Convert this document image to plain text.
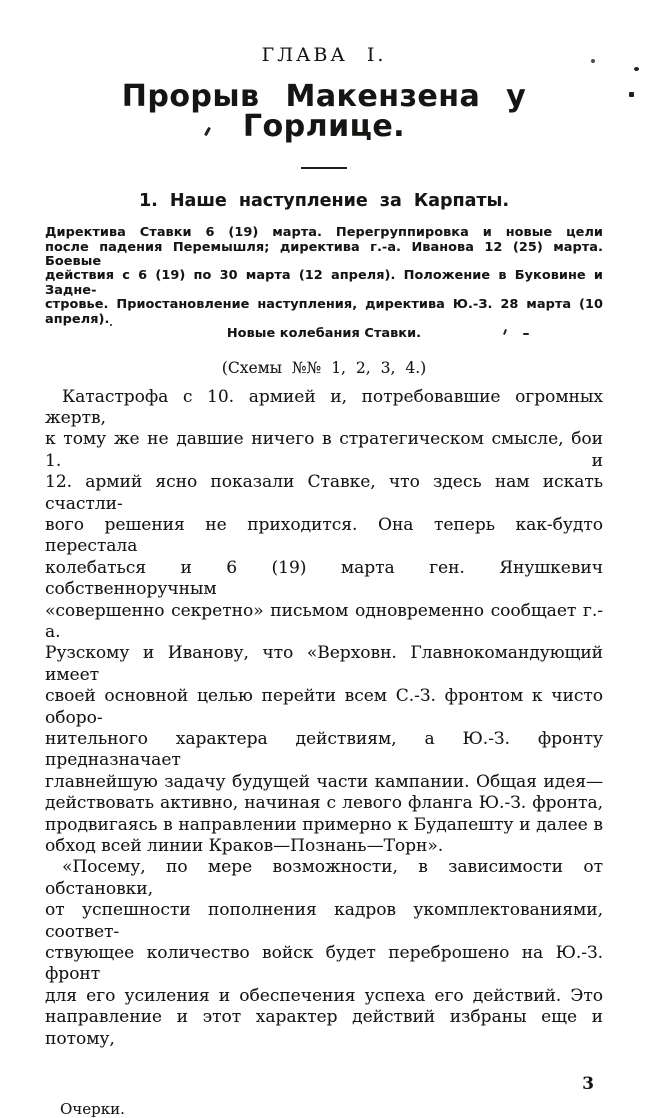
ГЛАВА I.
Прорыв Макензена у Горлице.
1. Наше наступление за Карпаты.
Директива Ставки 6 (19) марта. Перегруппировка и новые цели
после падения Перемышля; директива г.-а. Иванова 12 (25) марта. Боевые
действия с 6 (19) по 30 марта (12 апреля). Положение в Буковине и Задне-
стровье. Приостановление наступления, директива Ю.-З. 28 марта (10 апреля).
Новые колебания Ставки.
(Схемы №№ 1, 2, 3, 4.)
Катастрофа с 10. армией и, потребовавшие огромных жертв,
к тому же не давшие ничего в стратегическом смысле, бои 1. и
12. армий ясно показали Ставке, что здесь нам искать счастли-
вого решения не приходится. Она теперь как-будто перестала
колебаться и 6 (19) марта ген. Янушкевич собственноручным
«совершенно секретно» письмом одновременно сообщает г.-а.
Рузскому и Иванову, что «Верховн. Главнокомандующий имеет
своей основной целью перейти всем С.-З. фронтом к чисто оборо-
нительного характера действиям, а Ю.-З. фронту предназначает
главнейшую задачу будущей части кампании. Общая идея—
действовать активно, начиная с левого фланга Ю.-З. фронта,
продвигаясь в направлении примерно к Будапешту и далее в
обход всей линии Краков—Познань—Торн».
«Посему, по мере возможности, в зависимости от обстановки,
от успешности пополнения кадров укомплектованиями, соответ-
ствующее количество войск будет переброшено на Ю.-З. фронт
для его усиления и обеспечения успеха его действий. Это
направление и этот характер действий избраны еще и потому,
3
Очерки.
